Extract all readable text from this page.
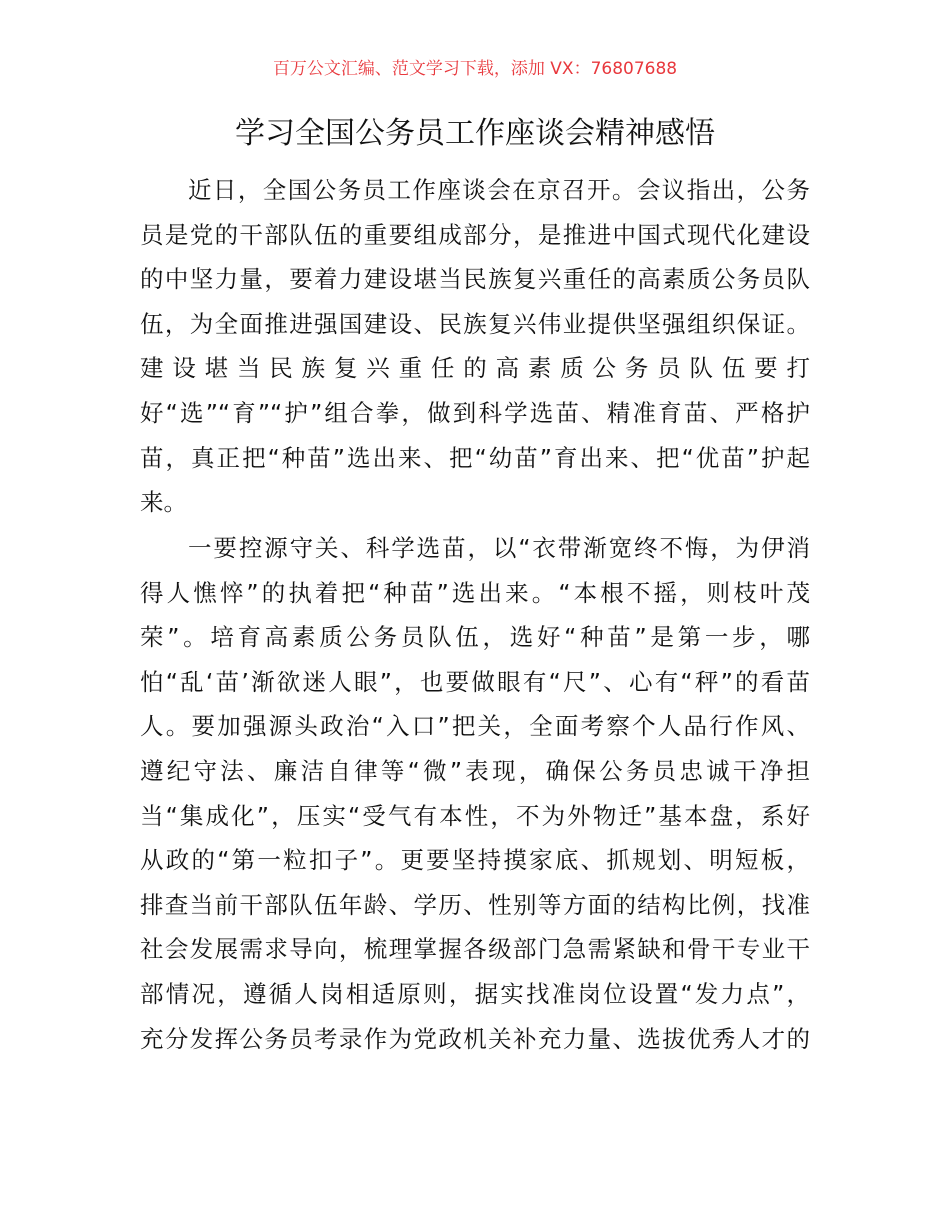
百万公文汇编、范文学习下载，添加 VX：76807688
学习全国公务员工作座谈会精神感悟
近日，全国公务员工作座谈会在京召开。会议指出，公务
员是党的干部队伍的重要组成部分，是推进中国式现代化建设
的中坚力量，要着力建设堪当民族复兴重任的高素质公务员队
伍，为全面推进强国建设、民族复兴伟业提供坚强组织保证。
建设堪当民族复兴重任的高素质公务员队伍要打
好“选”“育”“护”组合拳，做到科学选苗、精准育苗、严格护
苗，真正把“种苗”选出来、把“幼苗”育出来、把“优苗”护起
来。
一要控源守关、科学选苗，以“衣带渐宽终不悔，为伊消
得人憔悴”的执着把“种苗”选出来。“本根不摇，则枝叶茂
荣”。培育高素质公务员队伍，选好“种苗”是第一步，哪
怕“乱‘苗’渐欲迷人眼”，也要做眼有“尺”、心有“秤”的看苗
人。要加强源头政治“入口”把关，全面考察个人品行作风、
遵纪守法、廉洁自律等“微”表现，确保公务员忠诚干净担
当“集成化”，压实“受气有本性，不为外物迁”基本盘，系好
从政的“第一粒扣子”。更要坚持摸家底、抓规划、明短板，
排查当前干部队伍年龄、学历、性别等方面的结构比例，找准
社会发展需求导向，梳理掌握各级部门急需紧缺和骨干专业干
部情况，遵循人岗相适原则，据实找准岗位设置“发力点”，
充分发挥公务员考录作为党政机关补充力量、选拔优秀人才的
